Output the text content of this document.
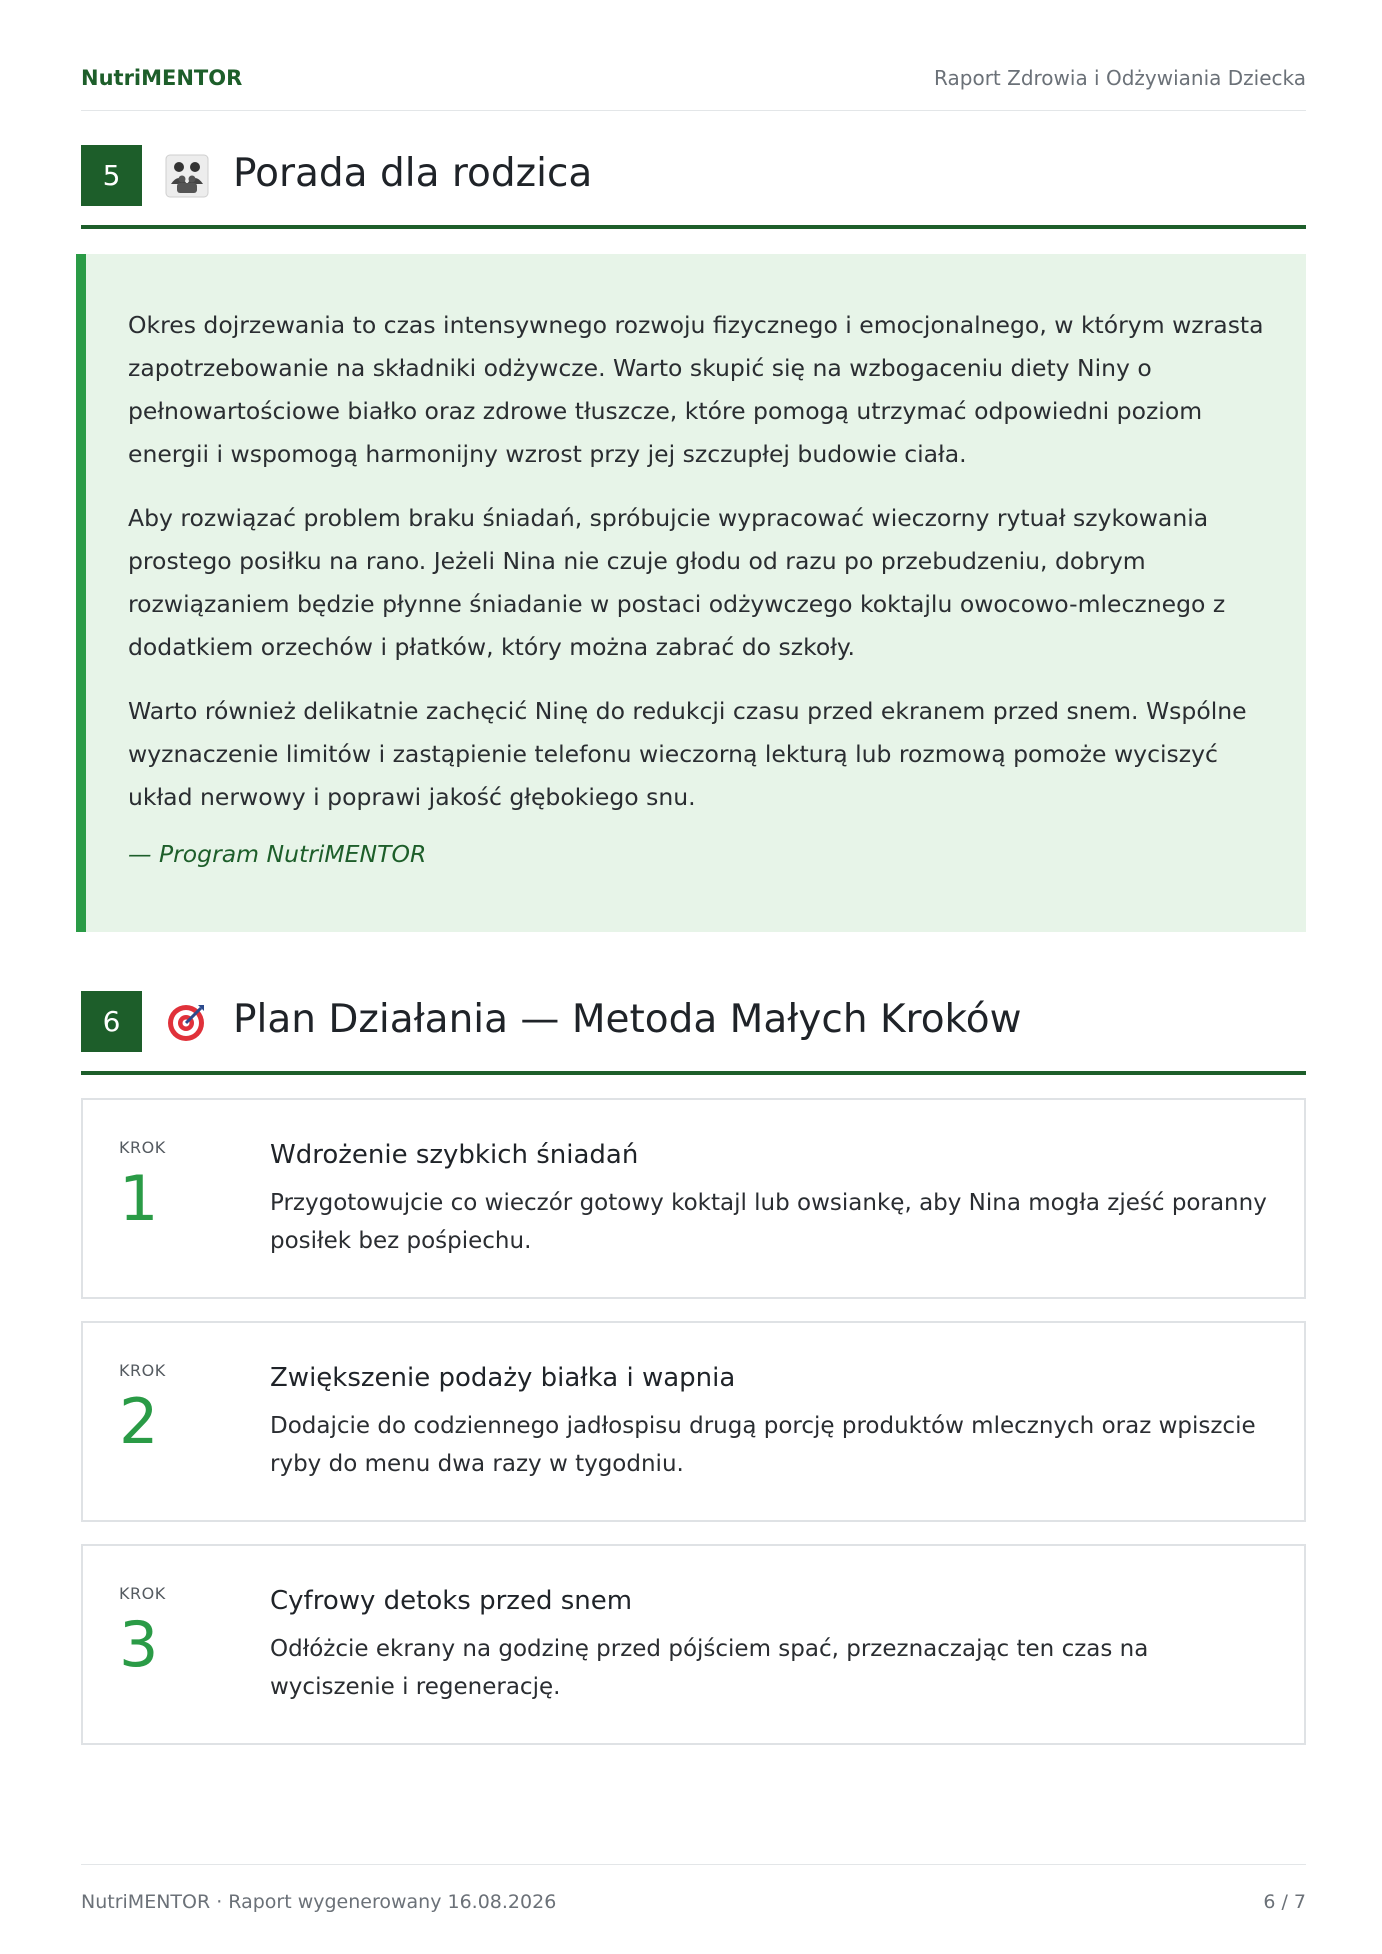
NutriMENTOR	Raport Zdrowia i Odżywiania Dziecka
5	Porada dla rodzica

Okres dojrzewania to czas intensywnego rozwoju fizycznego i emocjonalnego, w którym wzrasta zapotrzebowanie na składniki odżywcze. Warto skupić się na wzbogaceniu diety Niny o pełnowartościowe białko oraz zdrowe tłuszcze, które pomogą utrzymać odpowiedni poziom energii i wspomogą harmonijny wzrost przy jej szczupłej budowie ciała.

Aby rozwiązać problem braku śniadań, spróbujcie wypracować wieczorny rytuał szykowania prostego posiłku na rano. Jeżeli Nina nie czuje głodu od razu po przebudzeniu, dobrym rozwiązaniem będzie płynne śniadanie w postaci odżywczego koktajlu owocowo-mlecznego z dodatkiem orzechów i płatków, który można zabrać do szkoły.

Warto również delikatnie zachęcić Ninę do redukcji czasu przed ekranem przed snem. Wspólne wyznaczenie limitów i zastąpienie telefonu wieczorną lekturą lub rozmową pomoże wyciszyć układ nerwowy i poprawi jakość głębokiego snu.

— Program NutriMENTOR
6	Plan Działania — Metoda Małych Kroków
KROK
1
Wdrożenie szybkich śniadań
Przygotowujcie co wieczór gotowy koktajl lub owsiankę, aby Nina mogła zjeść poranny posiłek bez pośpiechu.
KROK
2
Zwiększenie podaży białka i wapnia
Dodajcie do codziennego jadłospisu drugą porcję produktów mlecznych oraz wpiszcie ryby do menu dwa razy w tygodniu.
KROK
3
Cyfrowy detoks przed snem
Odłóżcie ekrany na godzinę przed pójściem spać, przeznaczając ten czas na wyciszenie i regenerację.
NutriMENTOR · Raport wygenerowany 16.08.2026	6 / 7
